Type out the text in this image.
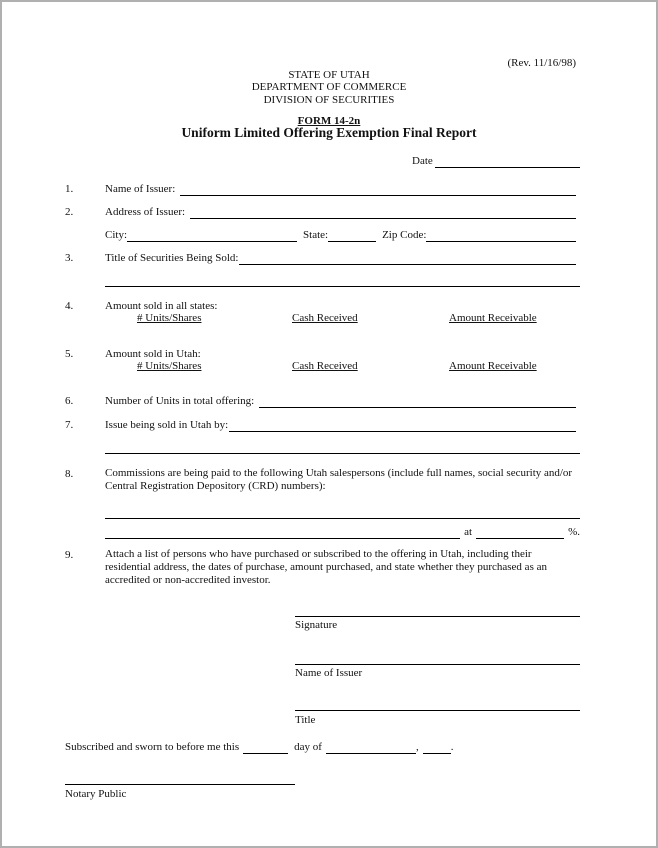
(Rev. 11/16/98)
STATE OF UTAH
DEPARTMENT OF COMMERCE
DIVISION OF SECURITIES
FORM 14-2n
Uniform Limited Offering Exemption Final Report
Date
1.	Name of Issuer:
2.	Address of Issuer:
City:	State:	Zip Code:
3.	Title of Securities Being Sold:
4.	Amount sold in all states:
# Units/Shares	Cash Received	Amount Receivable
5.	Amount sold in Utah:
# Units/Shares	Cash Received	Amount Receivable
6.	Number of Units in total offering:
7.	Issue being sold in Utah by:
8.	Commissions are being paid to the following Utah salespersons (include full names, social security and/or Central Registration Depository (CRD) numbers):
at	%.
9.	Attach a list of persons who have purchased or subscribed to the offering in Utah, including their residential address, the dates of purchase, amount purchased, and state whether they purchased as an accredited or non-accredited investor.
Signature
Name of Issuer
Title
Subscribed and sworn to before me this	day of	,	.
Notary Public
